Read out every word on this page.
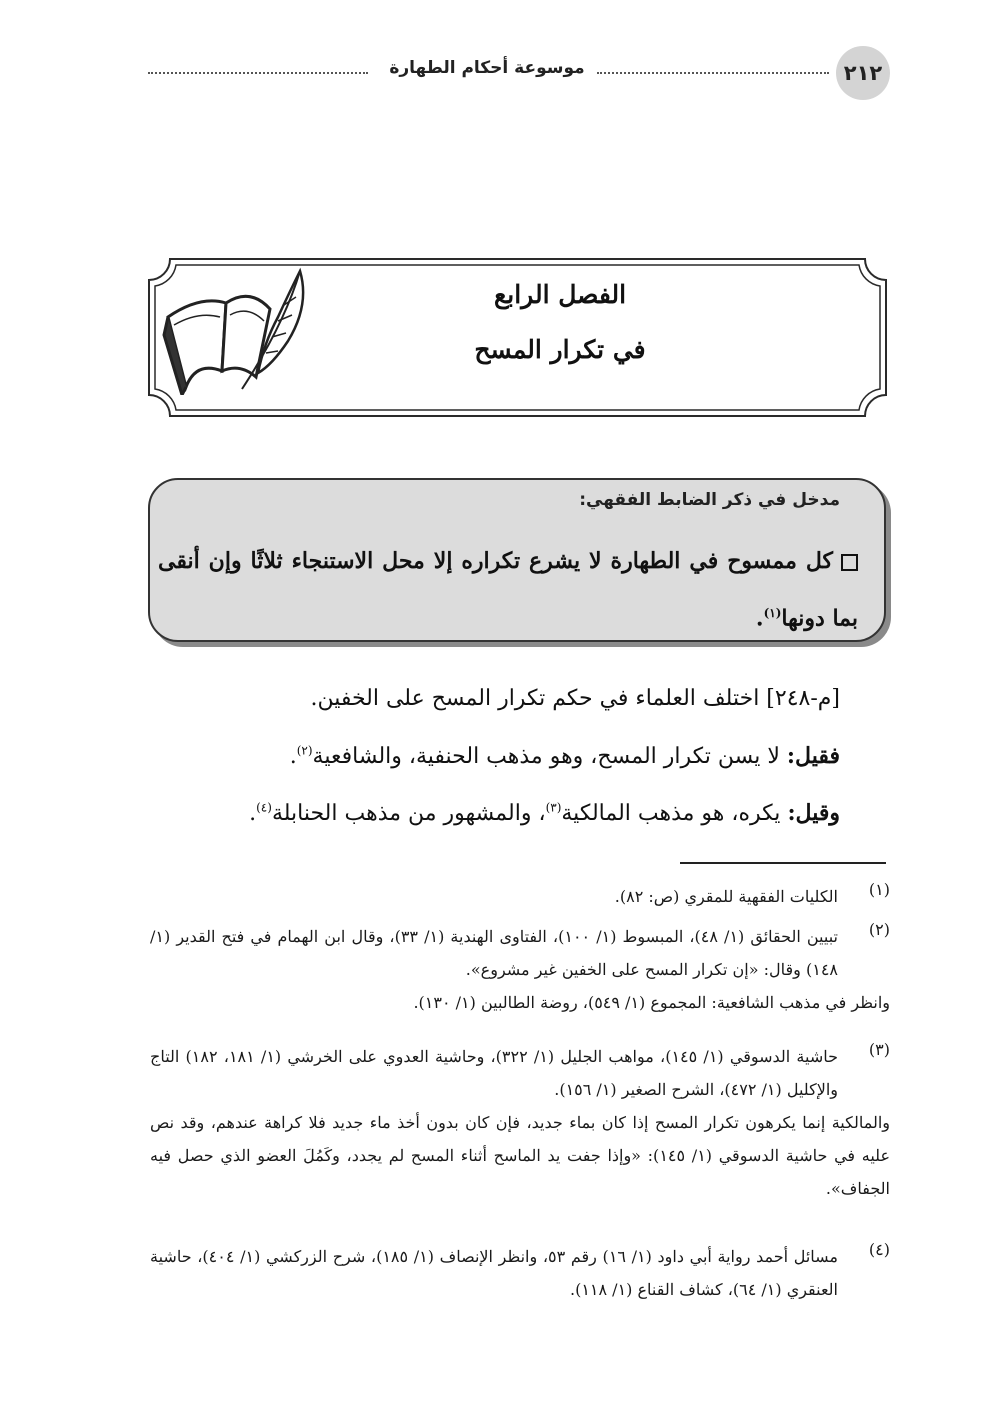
٢١٢
موسوعة أحكام الطهارة
الفصل الرابع
في تكرار المسح
مدخل في ذكر الضابط الفقهي:
كل ممسوح في الطهارة لا يشرع تكراره إلا محل الاستنجاء ثلاثًا وإن أنقى بما دونها$^{(١)}$.
[م-٢٤٨] اختلف العلماء في حكم تكرار المسح على الخفين.
فقيل: لا يسن تكرار المسح، وهو مذهب الحنفية، والشافعية$^{(٢)}$.
وقيل: يكره، هو مذهب المالكية$^{(٣)}$، والمشهور من مذهب الحنابلة$^{(٤)}$.
(١)
الكليات الفقهية للمقري (ص: ٨٢).
(٢)
تبيين الحقائق (١/ ٤٨)، المبسوط (١/ ١٠٠)، الفتاوى الهندية (١/ ٣٣)، وقال ابن الهمام في فتح القدير (١/ ١٤٨) وقال: «إن تكرار المسح على الخفين غير مشروع».
وانظر في مذهب الشافعية: المجموع (١/ ٥٤٩)، روضة الطالبين (١/ ١٣٠).
(٣)
حاشية الدسوقي (١/ ١٤٥)، مواهب الجليل (١/ ٣٢٢)، وحاشية العدوي على الخرشي (١/ ١٨١، ١٨٢) التاج والإكليل (١/ ٤٧٢)، الشرح الصغير (١/ ١٥٦).
والمالكية إنما يكرهون تكرار المسح إذا كان بماء جديد، فإن كان بدون أخذ ماء جديد فلا كراهة عندهم، وقد نص عليه في حاشية الدسوقي (١/ ١٤٥): «وإذا جفت يد الماسح أثناء المسح لم يجدد، وكَمُلَ العضو الذي حصل فيه الجفاف».
(٤)
مسائل أحمد رواية أبي داود (١/ ١٦) رقم ٥٣، وانظر الإنصاف (١/ ١٨٥)، شرح الزركشي (١/ ٤٠٤)، حاشية العنقري (١/ ٦٤)، كشاف القناع (١/ ١١٨).
